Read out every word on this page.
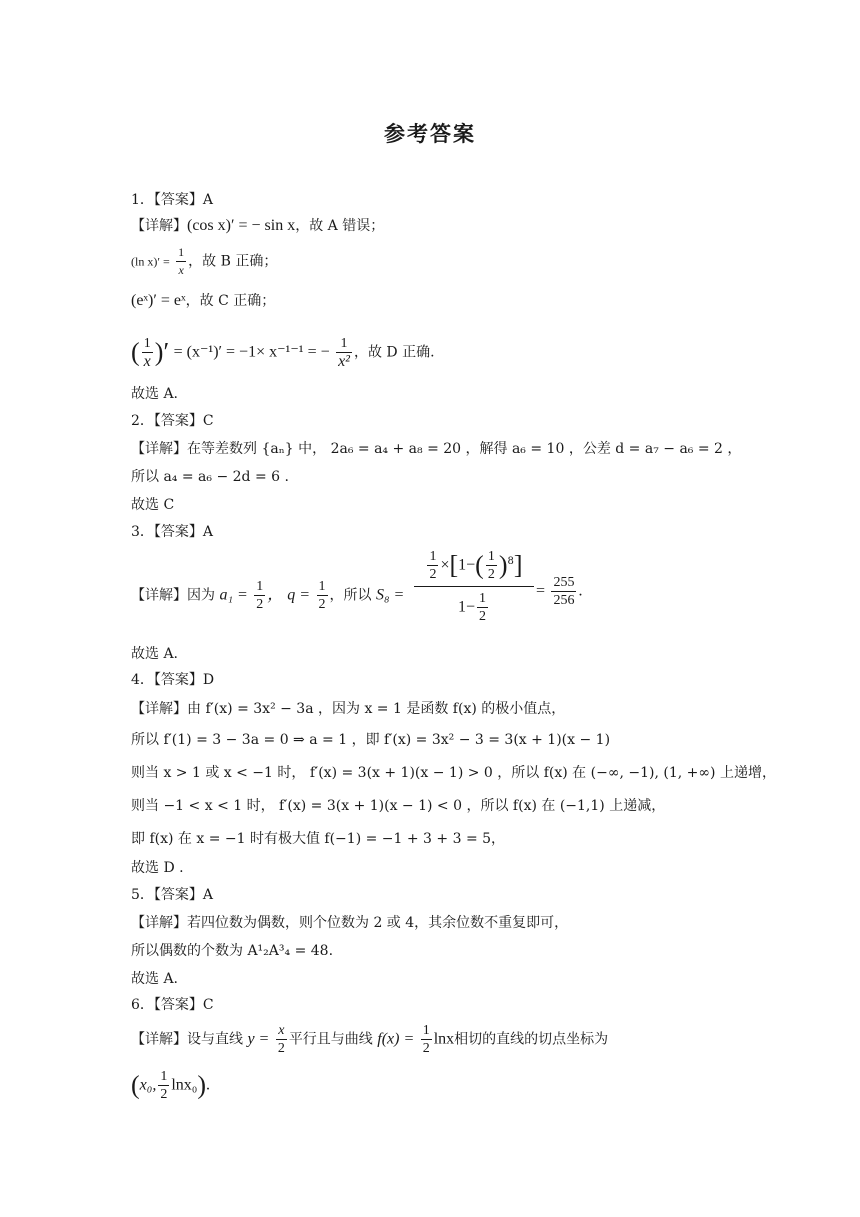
参考答案
1．【答案】A
【详解】(cos x)′ = − sin x，故 A 错误；
(ln $x)' = \frac{1}{x}$ ，故 B 正确；
(eˣ)′ = eˣ，故 C 正确；
( $\frac{1}{x}$ )′ = (x⁻¹)′ = −1× x⁻¹⁻¹ = − $\frac{1}{\text{x²}}$ ，故 D 正确.
故选 A.
2．【答案】C
【详解】在等差数列 {aₙ} 中， 2a₆ = a₄ + a₈ = 20 ，解得 a₆ = 10 ，公差 d = a₇ − a₆ = 2 ，
所以 a₄ = a₆ − 2d = 6 .
故选 C
3．【答案】A
【详解】因为 $a_1 = \frac{1}{2}$ ， $q = \frac{1}{2}$ ，所以 $S_8 = \frac{\frac{1}{2} \times[1-( \frac{1}{2} )^8]}{1- \frac{1}{2}} = \frac{255}{256}$ .
故选 A.
4．【答案】D
【详解】由 f′(x) = 3x² − 3a ，因为 x = 1 是函数 f(x) 的极小值点，
所以 f′(1) = 3 − 3a = 0 ⇒ a = 1 ，即 f′(x) = 3x² − 3 = 3(x + 1)(x − 1)
则当 x > 1 或 x < −1 时， f′(x) = 3(x + 1)(x − 1) > 0 ，所以 f(x) 在 (−∞, −1), (1, +∞) 上递增，
则当 −1 < x < 1 时， f′(x) = 3(x + 1)(x − 1) < 0 ，所以 f(x) 在 (−1,1) 上递减，
即 f(x) 在 x = −1 时有极大值 f(−1) = −1 + 3 + 3 = 5，
故选 D .
5．【答案】A
【详解】若四位数为偶数，则个位数为 2 或 4，其余位数不重复即可，
所以偶数的个数为 A¹₂A³₄ = 48.
故选 A.
6．【答案】C
【详解】设与直线 $y = \frac{x}{2}$ 平行且与曲线 $f(x) = \frac{1}{2}$ lnx相切的直线的切点坐标为
(x₀, $\frac{1}{2} \ln x_0$).
